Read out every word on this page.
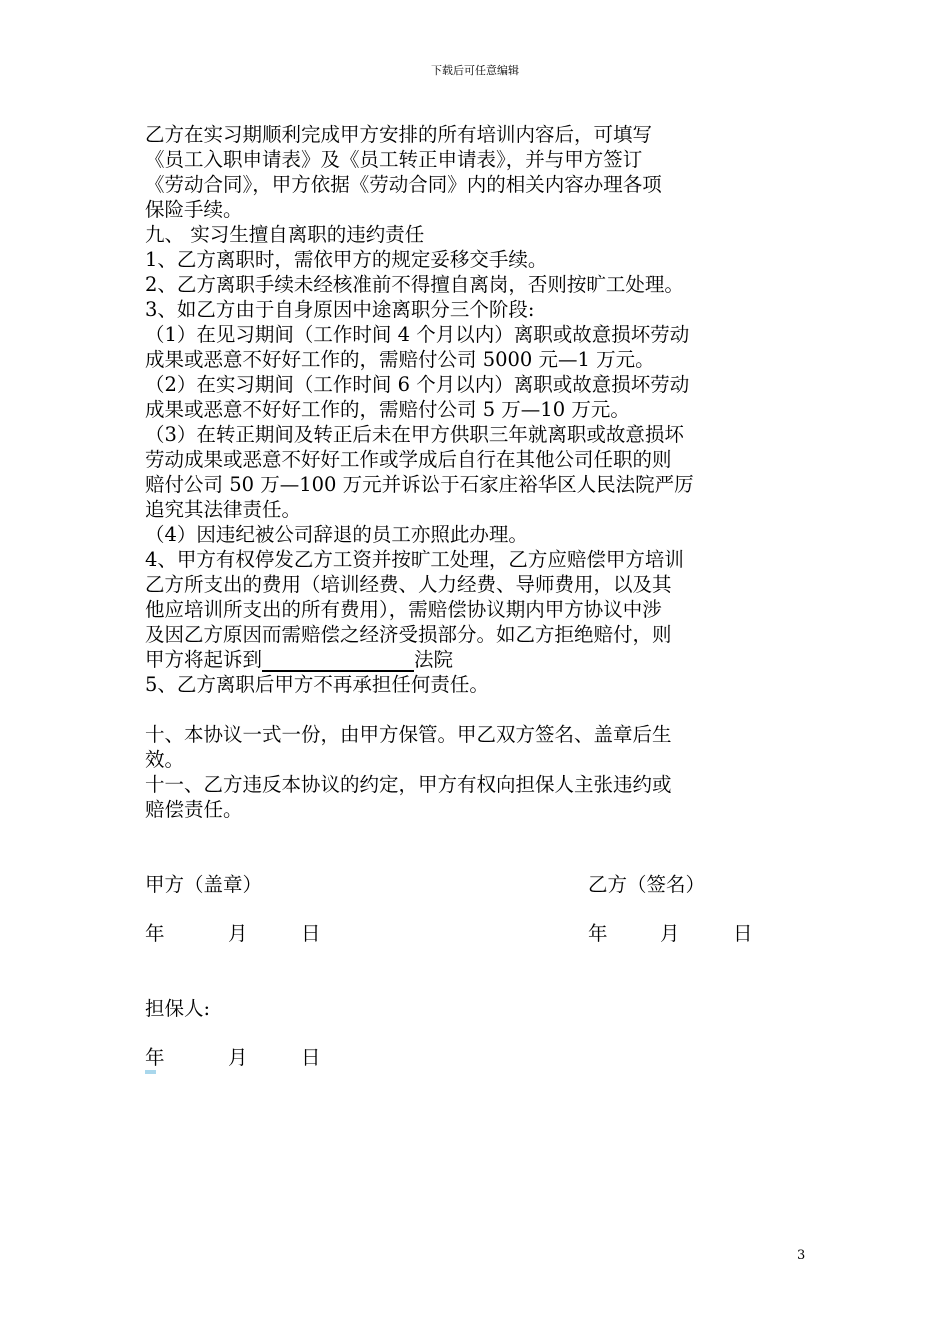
下载后可任意编辑
乙方在实习期顺利完成甲方安排的所有培训内容后，可填写
《员工入职申请表》及《员工转正申请表》，并与甲方签订
《劳动合同》，甲方依据《劳动合同》内的相关内容办理各项
保险手续。
九、 实习生擅自离职的违约责任
1、乙方离职时，需依甲方的规定妥移交手续。
2、乙方离职手续未经核准前不得擅自离岗，否则按旷工处理。
3、如乙方由于自身原因中途离职分三个阶段:
（1）在见习期间（工作时间 4 个月以内）离职或故意损坏劳动
成果或恶意不好好工作的，需赔付公司 5000 元—1 万元。
（2）在实习期间（工作时间 6 个月以内）离职或故意损坏劳动
成果或恶意不好好工作的，需赔付公司 5 万—10 万元。
（3）在转正期间及转正后未在甲方供职三年就离职或故意损坏
劳动成果或恶意不好好工作或学成后自行在其他公司任职的则
赔付公司 50 万—100 万元并诉讼于石家庄裕华区人民法院严厉
追究其法律责任。
（4）因违纪被公司辞退的员工亦照此办理。
4、甲方有权停发乙方工资并按旷工处理，乙方应赔偿甲方培训
乙方所支出的费用（培训经费、人力经费、导师费用，以及其
他应培训所支出的所有费用），需赔偿协议期内甲方协议中涉
及因乙方原因而需赔偿之经济受损部分。如乙方拒绝赔付，则
甲方将起诉到	法院
5、乙方离职后甲方不再承担任何责任。
十、本协议一式一份，由甲方保管。甲乙双方签名、盖章后生
效。
十一、乙方违反本协议的约定，甲方有权向担保人主张违约或
赔偿责任。
甲方（盖章）	乙方（签名）
年	月	日	年	月	日
担保人:
年	月	日
3
